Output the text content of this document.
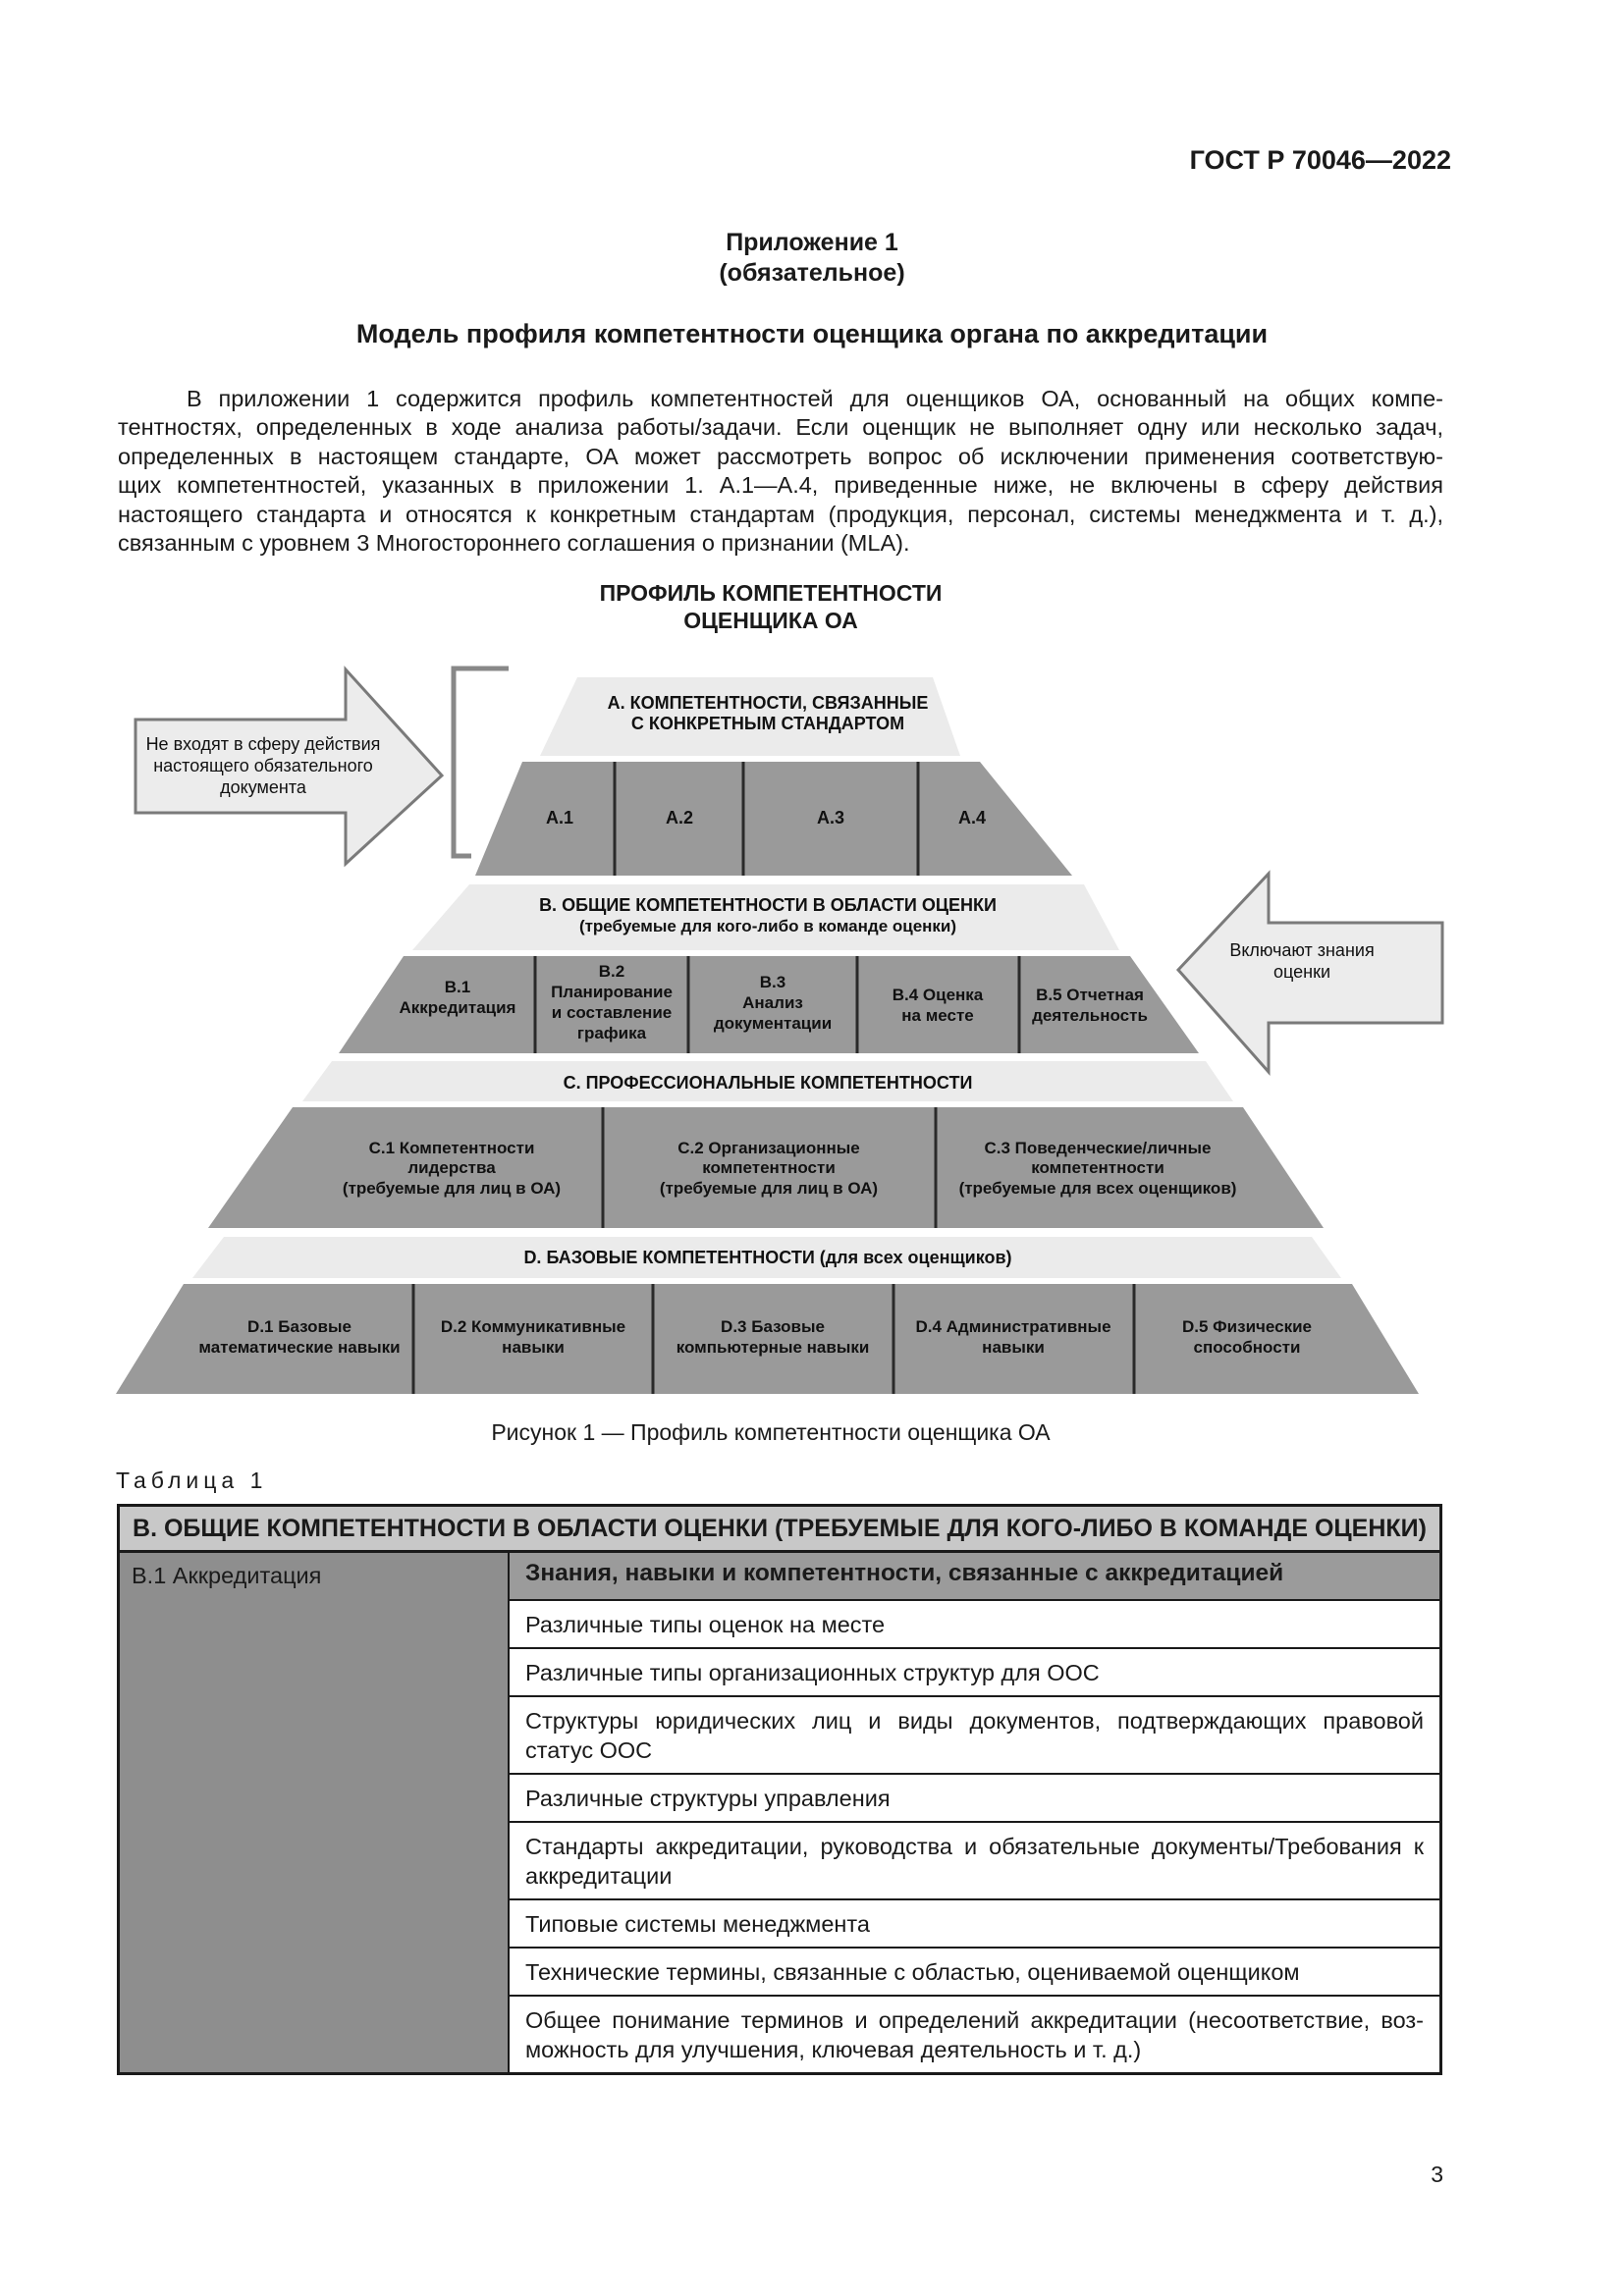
ГОСТ Р 70046—2022
Приложение 1
(обязательное)
Модель профиля компетентности оценщика органа по аккредитации
В приложении 1 содержится профиль компетентностей для оценщиков ОА, основанный на общих компе-
тентностях, определенных в ходе анализа работы/задачи. Если оценщик не выполняет одну или несколько задач,
определенных в настоящем стандарте, ОА может рассмотреть вопрос об исключении применения соответствую-
щих компетентностей, указанных в приложении 1. А.1—А.4, приведенные ниже, не включены в сферу действия
настоящего стандарта и относятся к конкретным стандартам (продукция, персонал, системы менеджмента и т. д.),
связанным с уровнем 3 Многостороннего соглашения о признании (MLA).
ПРОФИЛЬ КОМПЕТЕНТНОСТИ
ОЦЕНЩИКА ОА
Не входят в сферу действия
настоящего обязательного
документа
Включают знания
оценки
А. КОМПЕТЕНТНОСТИ, СВЯЗАННЫЕ
С КОНКРЕТНЫМ СТАНДАРТОМ
А.1	А.2	А.3	А.4
В. ОБЩИЕ КОМПЕТЕНТНОСТИ В ОБЛАСТИ ОЦЕНКИ
(требуемые для кого-либо в команде оценки)
В.1
Аккредитация
В.2
Планирование
и составление
графика
В.3
Анализ
документации
В.4 Оценка
на месте
В.5 Отчетная
деятельность
С. ПРОФЕССИОНАЛЬНЫЕ КОМПЕТЕНТНОСТИ
С.1 Компетентности
лидерства
(требуемые для лиц в ОА)
С.2 Организационные
компетентности
(требуемые для лиц в ОА)
С.3 Поведенческие/личные
компетентности
(требуемые для всех оценщиков)
D. БАЗОВЫЕ КОМПЕТЕНТНОСТИ (для всех оценщиков)
D.1 Базовые
математические навыки
D.2 Коммуникативные
навыки
D.3 Базовые
компьютерные навыки
D.4 Административные
навыки
D.5 Физические
способности
Рисунок 1 — Профиль компетентности оценщика ОА
Таблица 1
В. ОБЩИЕ КОМПЕТЕНТНОСТИ В ОБЛАСТИ ОЦЕНКИ (ТРЕБУЕМЫЕ ДЛЯ КОГО-ЛИБО В КОМАНДЕ ОЦЕНКИ)
В.1 Аккредитация	Знания, навыки и компетентности, связанные с аккредитацией
Различные типы оценок на месте
Различные типы организационных структур для ООС
Структуры юридических лиц и виды документов, подтверждающих правовой статус ООС
Различные структуры управления
Стандарты аккредитации, руководства и обязательные документы/Требования к аккредитации
Типовые системы менеджмента
Технические термины, связанные с областью, оцениваемой оценщиком
Общее понимание терминов и определений аккредитации (несоответствие, возможность для улучшения, ключевая деятельность и т. д.)
3
